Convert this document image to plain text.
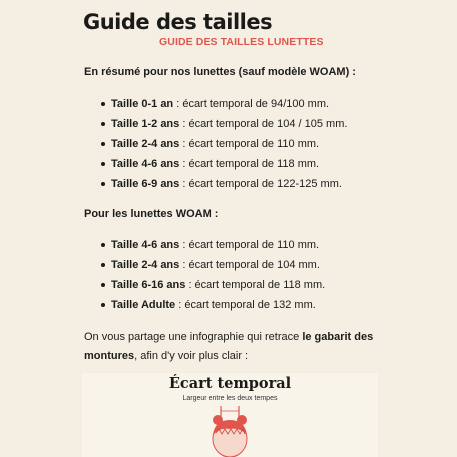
Guide des tailles

GUIDE DES TAILLES LUNETTES

En résumé pour nos lunettes (sauf modèle WOAM) :

Taille 0-1 an : écart temporal de 94/100 mm.
Taille 1-2 ans : écart temporal de 104 / 105 mm.
Taille 2-4 ans : écart temporal de 110 mm.
Taille 4-6 ans : écart temporal de 118 mm.
Taille 6-9 ans : écart temporal de 122-125 mm.

Pour les lunettes WOAM :

Taille 4-6 ans : écart temporal de 110 mm.
Taille 2-4 ans : écart temporal de 104 mm.
Taille 6-16 ans : écart temporal de 118 mm.
Taille Adulte : écart temporal de 132 mm.

On vous partage une infographie qui retrace le gabarit des montures, afin d'y voir plus clair :

Écart temporal

Largeur entre les deux tempes
